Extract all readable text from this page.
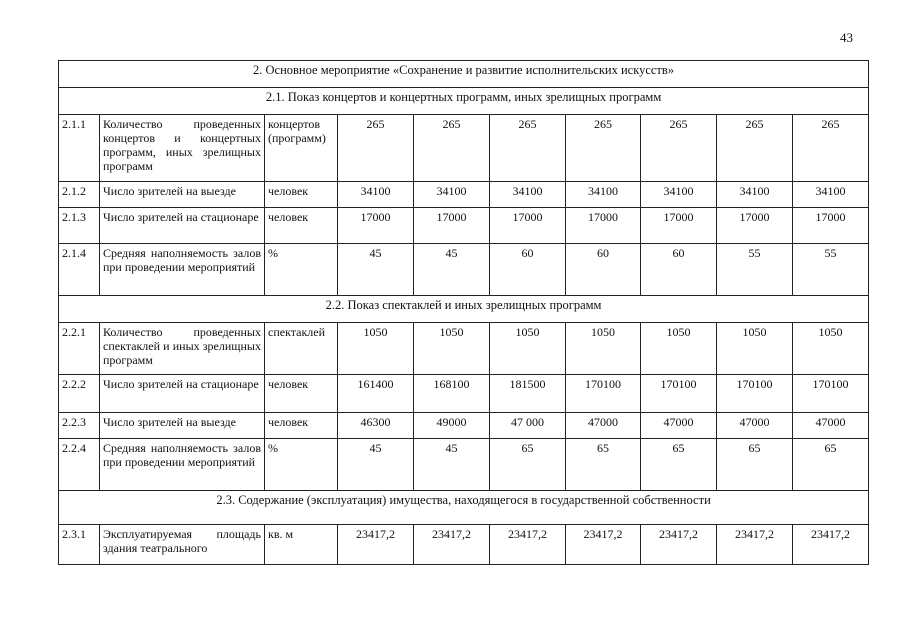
43
2. Основное мероприятие «Сохранение и развитие исполнительских искусств»									
2.1. Показ концертов и концертных программ, иных зрелищных программ									
2.1.1	Количество проведенных концертов и концертных программ, иных зрелищных программ	концертов (программ)	265	265	265	265	265	265	265
2.1.2	Число зрителей на выезде	человек	34100	34100	34100	34100	34100	34100	34100
2.1.3	Число зрителей на стационаре	человек	17000	17000	17000	17000	17000	17000	17000
2.1.4	Средняя наполняемость залов при проведении мероприятий	%	45	45	60	60	60	55	55
2.2. Показ спектаклей и иных зрелищных программ									
2.2.1	Количество проведенных спектаклей и иных зрелищных программ	спектаклей	1050	1050	1050	1050	1050	1050	1050
2.2.2	Число зрителей на стационаре	человек	161400	168100	181500	170100	170100	170100	170100
2.2.3	Число зрителей на выезде	человек	46300	49000	47 000	47000	47000	47000	47000
2.2.4	Средняя наполняемость залов при проведении мероприятий	%	45	45	65	65	65	65	65
2.3. Содержание (эксплуатация) имущества, находящегося в государственной собственности									
2.3.1	Эксплуатируемая площадь здания театрального	кв. м	23417,2	23417,2	23417,2	23417,2	23417,2	23417,2	23417,2
